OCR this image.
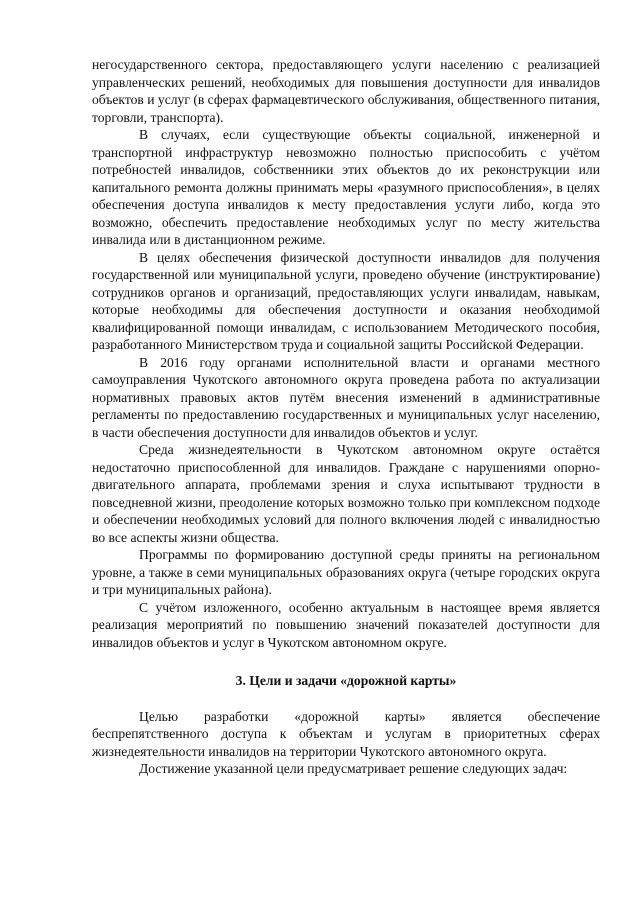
негосударственного сектора, предоставляющего услуги населению с реализацией управленческих решений, необходимых для повышения доступности для инвалидов объектов и услуг (в сферах фармацевтического обслуживания, общественного питания, торговли, транспорта).

В случаях, если существующие объекты социальной, инженерной и транспортной инфраструктур невозможно полностью приспособить с учётом потребностей инвалидов, собственники этих объектов до их реконструкции или капитального ремонта должны принимать меры «разумного приспособления», в целях обеспечения доступа инвалидов к месту предоставления услуги либо, когда это возможно, обеспечить предоставление необходимых услуг по месту жительства инвалида или в дистанционном режиме.

В целях обеспечения физической доступности инвалидов для получения государственной или муниципальной услуги, проведено обучение (инструктирование) сотрудников органов и организаций, предоставляющих услуги инвалидам, навыкам, которые необходимы для обеспечения доступности и оказания необходимой квалифицированной помощи инвалидам, с использованием Методического пособия, разработанного Министерством труда и социальной защиты Российской Федерации.

В 2016 году органами исполнительной власти и органами местного самоуправления Чукотского автономного округа проведена работа по актуализации нормативных правовых актов путём внесения изменений в административные регламенты по предоставлению государственных и муниципальных услуг населению, в части обеспечения доступности для инвалидов объектов и услуг.

Среда жизнедеятельности в Чукотском автономном округе остаётся недостаточно приспособленной для инвалидов. Граждане с нарушениями опорно-двигательного аппарата, проблемами зрения и слуха испытывают трудности в повседневной жизни, преодоление которых возможно только при комплексном подходе и обеспечении необходимых условий для полного включения людей с инвалидностью во все аспекты жизни общества.

Программы по формированию доступной среды приняты на региональном уровне, а также в семи муниципальных образованиях округа (четыре городских округа и три муниципальных района).

С учётом изложенного, особенно актуальным в настоящее время является реализация мероприятий по повышению значений показателей доступности для инвалидов объектов и услуг в Чукотском автономном округе.

3. Цели и задачи «дорожной карты»

Целью разработки «дорожной карты» является обеспечение беспрепятственного доступа к объектам и услугам в приоритетных сферах жизнедеятельности инвалидов на территории Чукотского автономного округа.

Достижение указанной цели предусматривает решение следующих задач:
